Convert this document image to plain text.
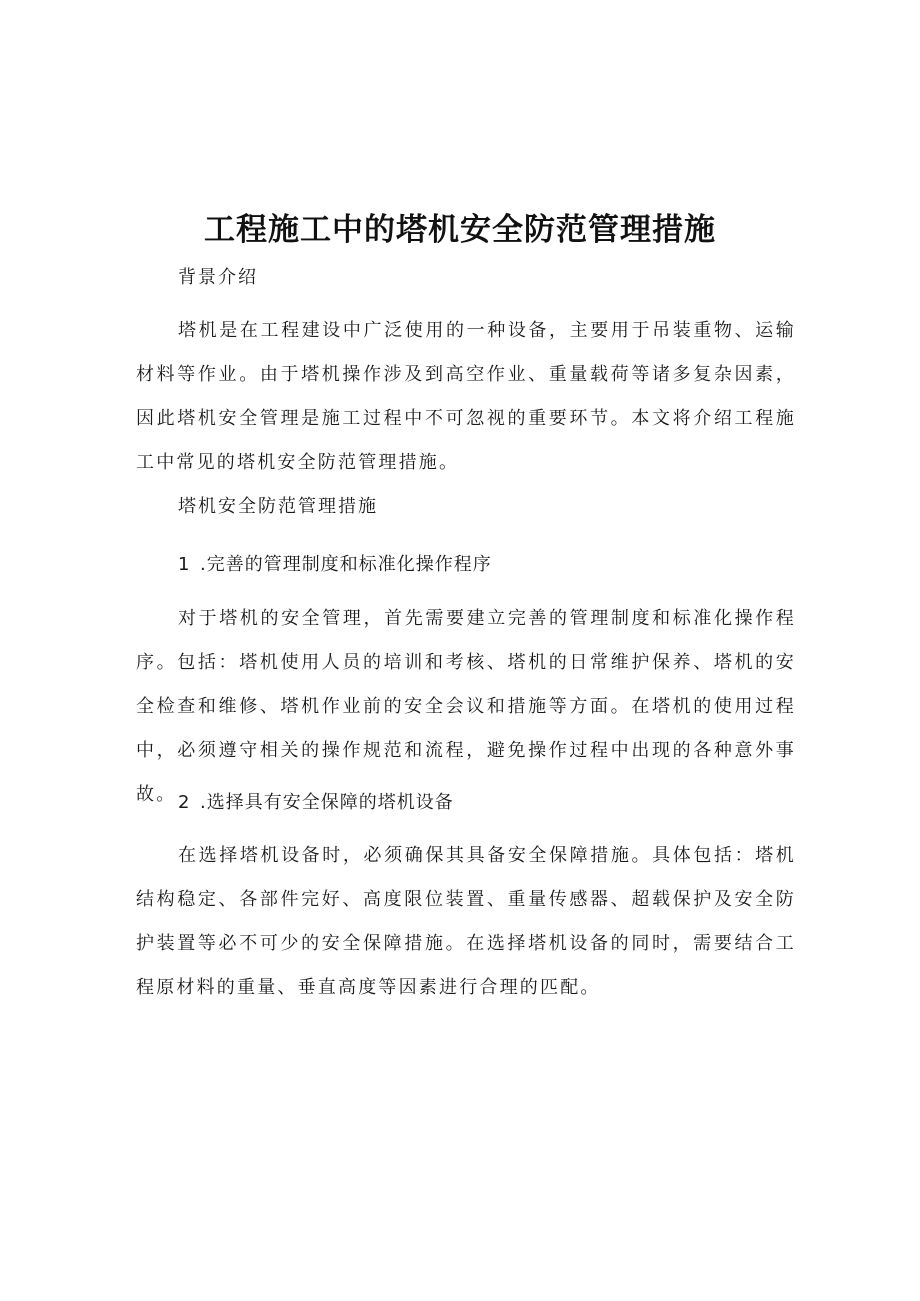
工程施工中的塔机安全防范管理措施

背景介绍

塔机是在工程建设中广泛使用的一种设备，主要用于吊装重物、运输材料等作业。由于塔机操作涉及到高空作业、重量载荷等诸多复杂因素，因此塔机安全管理是施工过程中不可忽视的重要环节。本文将介绍工程施工中常见的塔机安全防范管理措施。

塔机安全防范管理措施

1 .完善的管理制度和标准化操作程序

对于塔机的安全管理，首先需要建立完善的管理制度和标准化操作程序。包括：塔机使用人员的培训和考核、塔机的日常维护保养、塔机的安全检查和维修、塔机作业前的安全会议和措施等方面。在塔机的使用过程中，必须遵守相关的操作规范和流程，避免操作过程中出现的各种意外事故。 2 .选择具有安全保障的塔机设备

在选择塔机设备时，必须确保其具备安全保障措施。具体包括：塔机结构稳定、各部件完好、高度限位装置、重量传感器、超载保护及安全防护装置等必不可少的安全保障措施。在选择塔机设备的同时，需要结合工程原材料的重量、垂直高度等因素进行合理的匹配。
